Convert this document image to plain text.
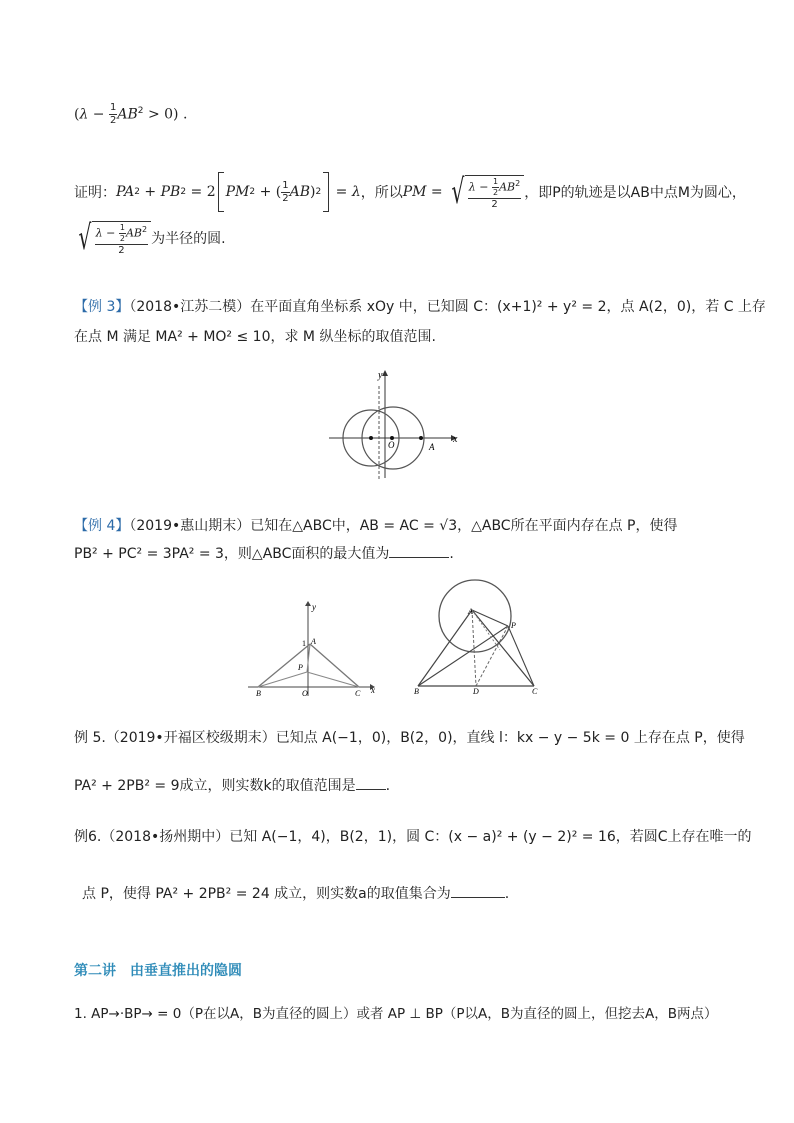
$(\lambda - \frac{1}{2} AB^2 > 0)$ .
证明： PA 2 + PB 2 = 2 PM 2 + ( $\frac{1}{2}$ AB ) 2 = λ ，所以 PM = √ $\frac{\lambda - \frac{1}{2} AB^2}{2}$ ，即P的轨迹是以AB中点M为圆心，
√ $\frac{\lambda - \frac{1}{2} AB^2}{2}$ 为半径的圆.
【例 3】（2018•江苏二模）在平面直角坐标系 xOy 中，已知圆 C：(x+1)² + y² = 2，点 A(2，0)，若 C 上存
在点 M 满足 MA² + MO² ≤ 10，求 M 纵坐标的取值范围.
y
x
O	A
【例 4】（2019•惠山期末）已知在△ABC中，AB = AC = √3，△ABC所在平面内存在点 P，使得
PB² + PC² = 3PA² = 3，则△ABC面积的最大值为	.
y
x
1 A
P
B	O	C
A
P
B	D	C
例 5.（2019•开福区校级期末）已知点 A(−1，0)，B(2，0)，直线 l：kx − y − 5k = 0 上存在点 P，使得
PA² + 2PB² = 9成立，则实数k的取值范围是 .
例6.（2018•扬州期中）已知 A(−1，4)，B(2，1)，圆 C：(x − a)² + (y − 2)² = 16，若圆C上存在唯一的
点 P，使得 PA² + 2PB² = 24 成立，则实数a的取值集合为	.
第二讲　由垂直推出的隐圆
1. AP→·BP→ = 0（P在以A，B为直径的圆上）或者 AP ⊥ BP（P以A，B为直径的圆上，但挖去A，B两点）
